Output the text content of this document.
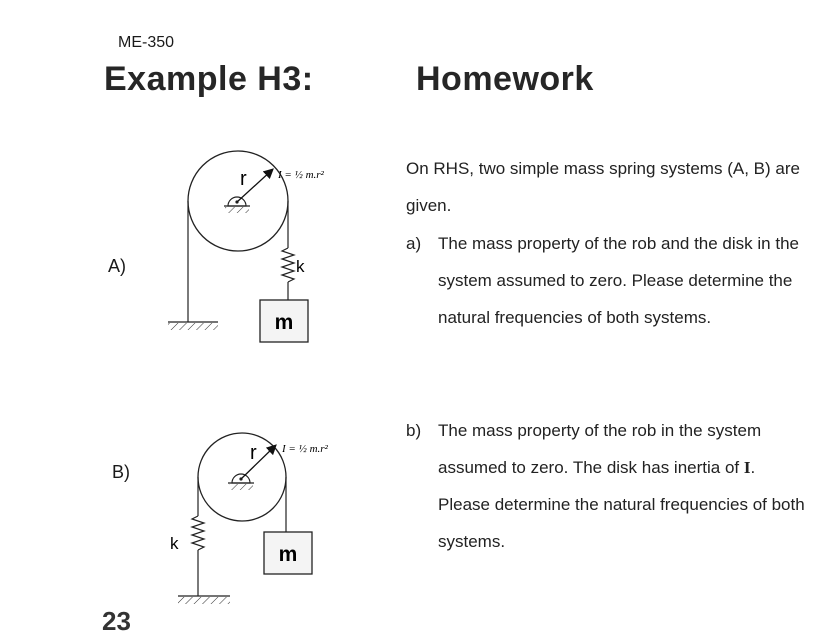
ME-350
Example H3:	Homework
A)
B)
r	I = ½ m.r²
k
m
r I = ½ m.r²
k	m
On RHS, two simple mass spring systems (A, B) are given.
a) The mass property of the rob and the disk in the system assumed to zero. Please determine the natural frequencies of both systems.
b) The mass property of the rob in the system assumed to zero. The disk has inertia of I. Please determine the natural frequencies of both systems.
23
